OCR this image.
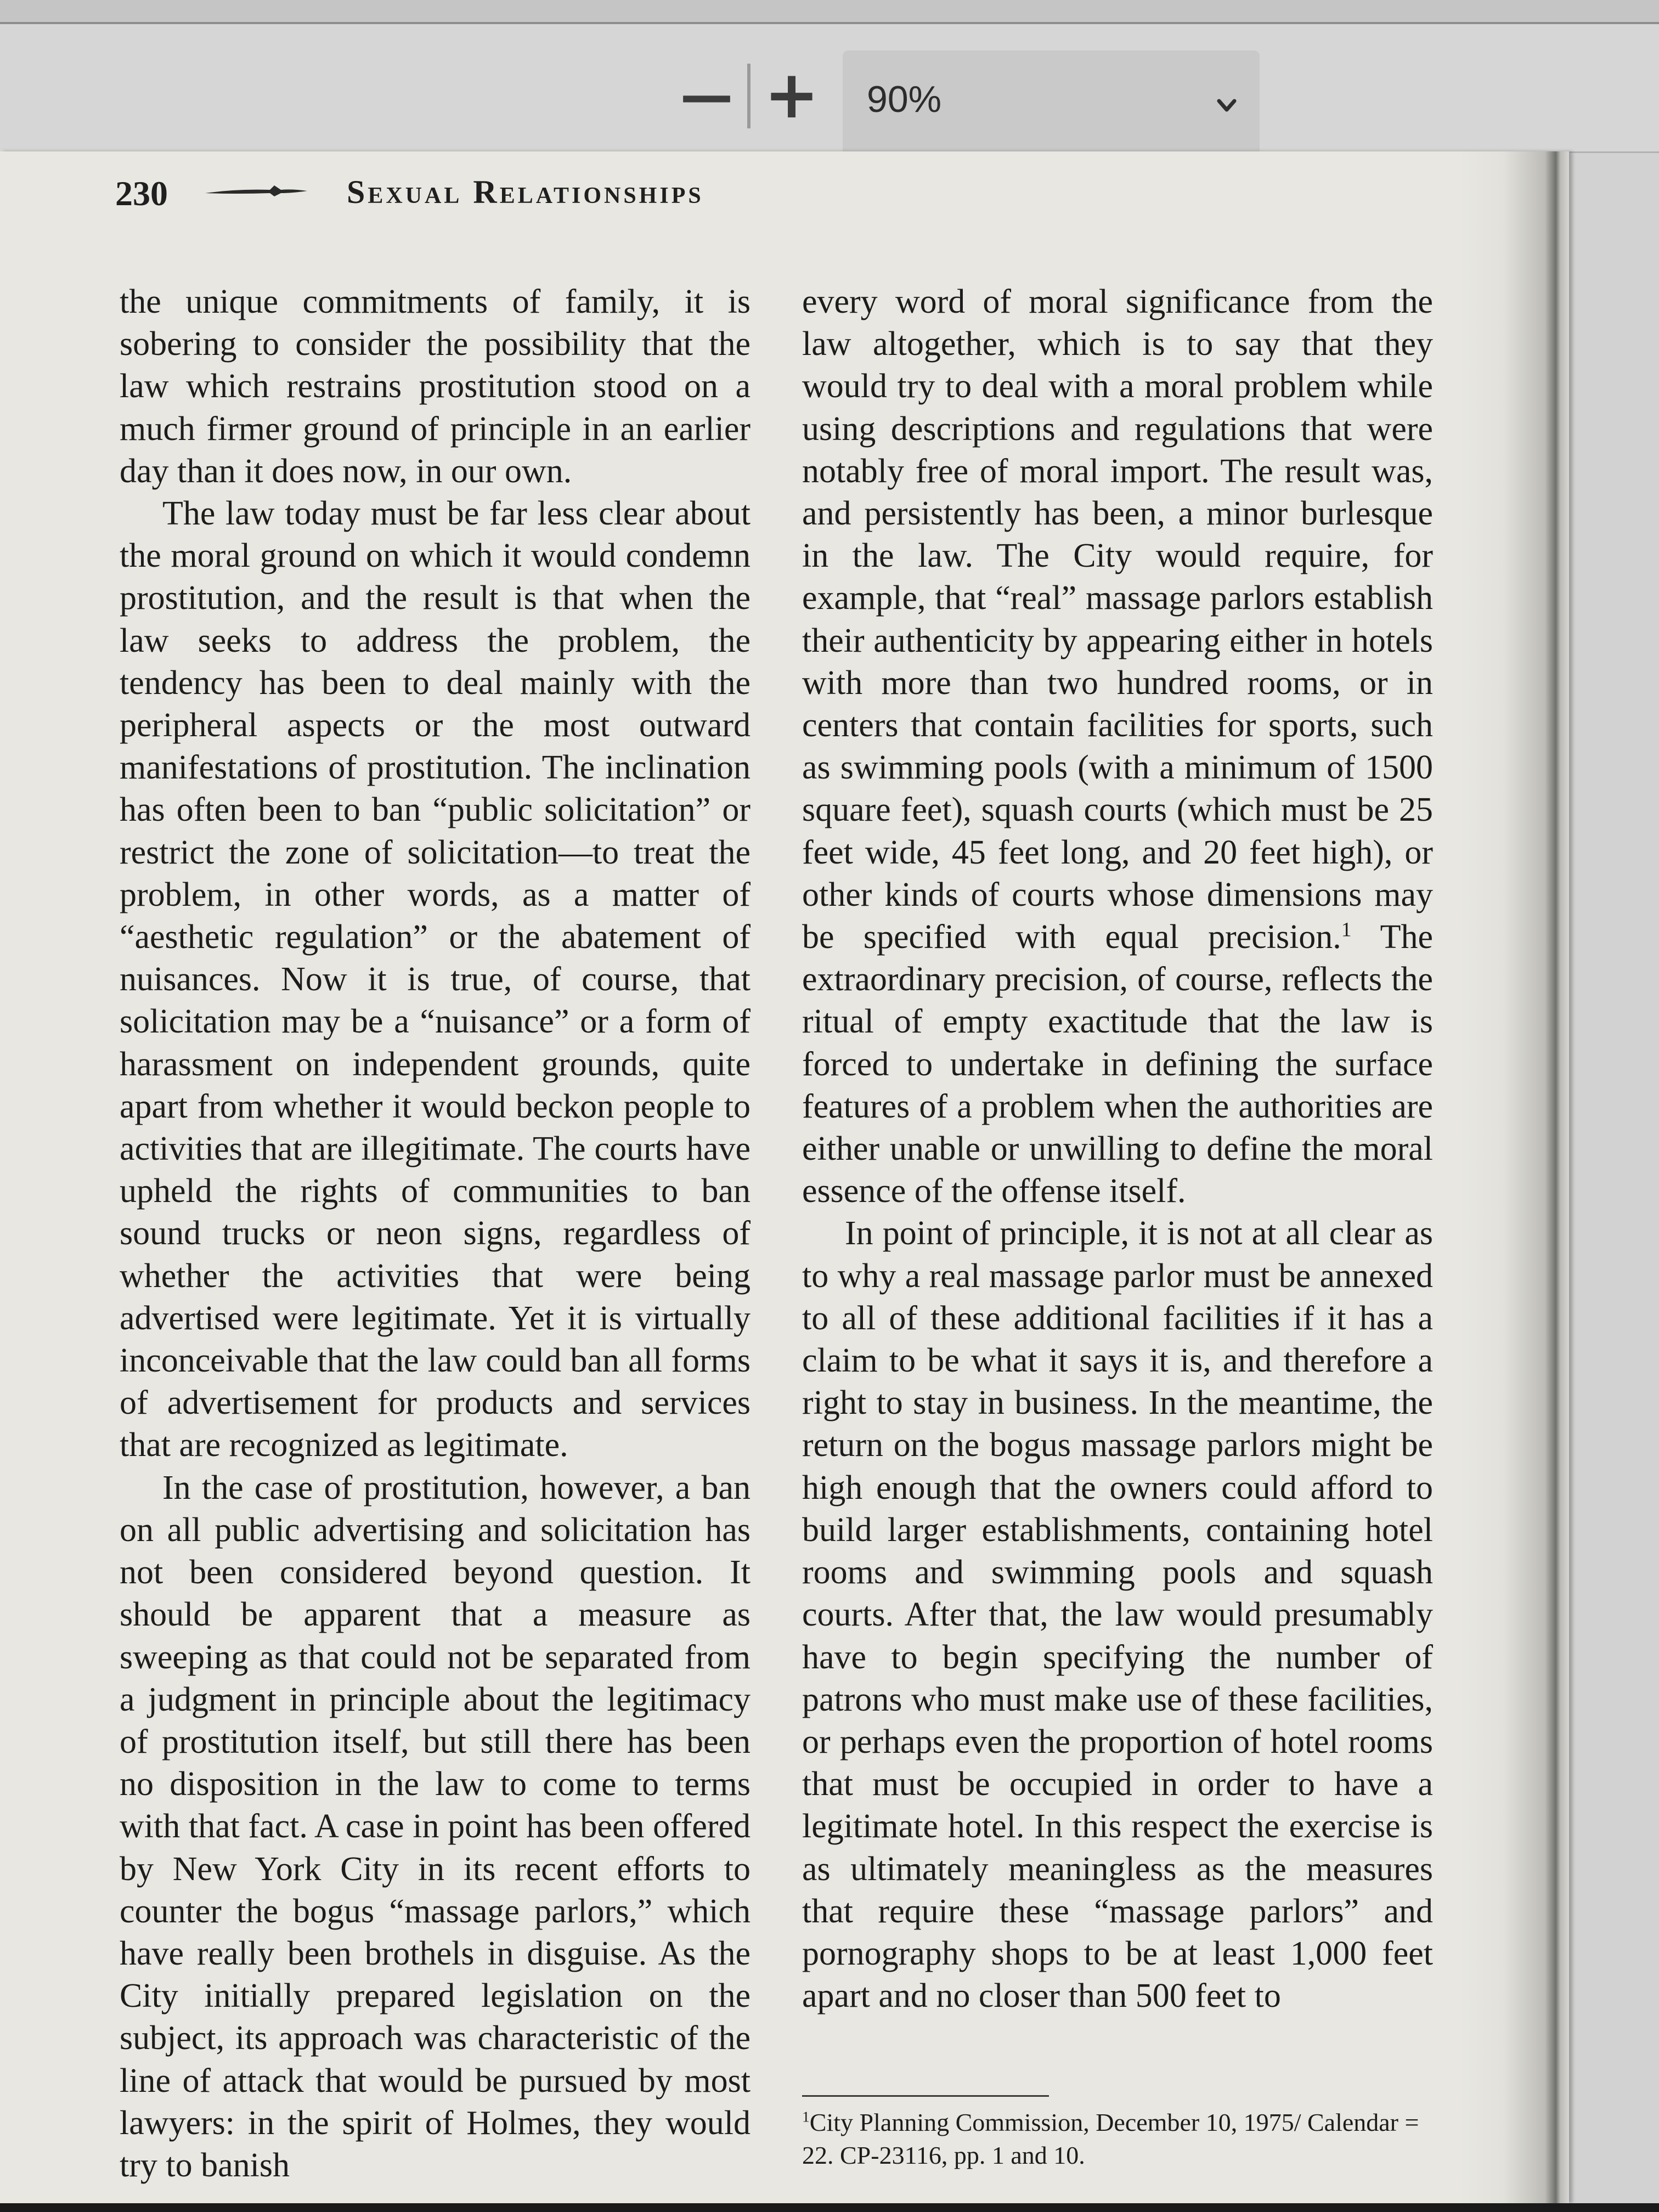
— + 90%
230	Sexual Relationships

the unique commitments of family, it is sobering to consider the possibility that the law which restrains prostitution stood on a much firmer ground of principle in an earlier day than it does now, in our own.

The law today must be far less clear about the moral ground on which it would condemn prostitution, and the result is that when the law seeks to address the problem, the tendency has been to deal mainly with the peripheral aspects or the most outward manifestations of prostitution. The inclination has often been to ban “public solicitation” or restrict the zone of solicitation—to treat the problem, in other words, as a matter of “aesthetic regulation” or the abatement of nuisances. Now it is true, of course, that solicitation may be a “nuisance” or a form of harassment on independent grounds, quite apart from whether it would beckon people to activities that are illegitimate. The courts have upheld the rights of communities to ban sound trucks or neon signs, regardless of whether the activities that were being advertised were legitimate. Yet it is virtually inconceivable that the law could ban all forms of advertisement for products and services that are recognized as legitimate.

In the case of prostitution, however, a ban on all public advertising and solicitation has not been considered beyond question. It should be apparent that a measure as sweeping as that could not be separated from a judgment in principle about the legitimacy of prostitution itself, but still there has been no disposition in the law to come to terms with that fact. A case in point has been offered by New York City in its recent efforts to counter the bogus “massage parlors,” which have really been brothels in disguise. As the City initially prepared legislation on the subject, its approach was characteristic of the line of attack that would be pursued by most lawyers: in the spirit of Holmes, they would try to banish

every word of moral significance from the law altogether, which is to say that they would try to deal with a moral problem while using descriptions and regulations that were notably free of moral import. The result was, and persistently has been, a minor burlesque in the law. The City would require, for example, that “real” massage parlors establish their authenticity by appearing either in hotels with more than two hundred rooms, or in centers that contain facilities for sports, such as swimming pools (with a minimum of 1500 square feet), squash courts (which must be 25 feet wide, 45 feet long, and 20 feet high), or other kinds of courts whose dimensions may be specified with equal precision.$^1$ The extraordinary precision, of course, reflects the ritual of empty exactitude that the law is forced to undertake in defining the surface features of a problem when the authorities are either unable or unwilling to define the moral essence of the offense itself.

In point of principle, it is not at all clear as to why a real massage parlor must be annexed to all of these additional facilities if it has a claim to be what it says it is, and therefore a right to stay in business. In the meantime, the return on the bogus massage parlors might be high enough that the owners could afford to build larger establishments, containing hotel rooms and swimming pools and squash courts. After that, the law would presumably have to begin specifying the number of patrons who must make use of these facilities, or perhaps even the proportion of hotel rooms that must be occupied in order to have a legitimate hotel. In this respect the exercise is as ultimately meaningless as the measures that require these “massage parlors” and pornography shops to be at least 1,000 feet apart and no closer than 500 feet to

$^1$City Planning Commission, December 10, 1975/ Calendar = 22. CP-23116, pp. 1 and 10.
